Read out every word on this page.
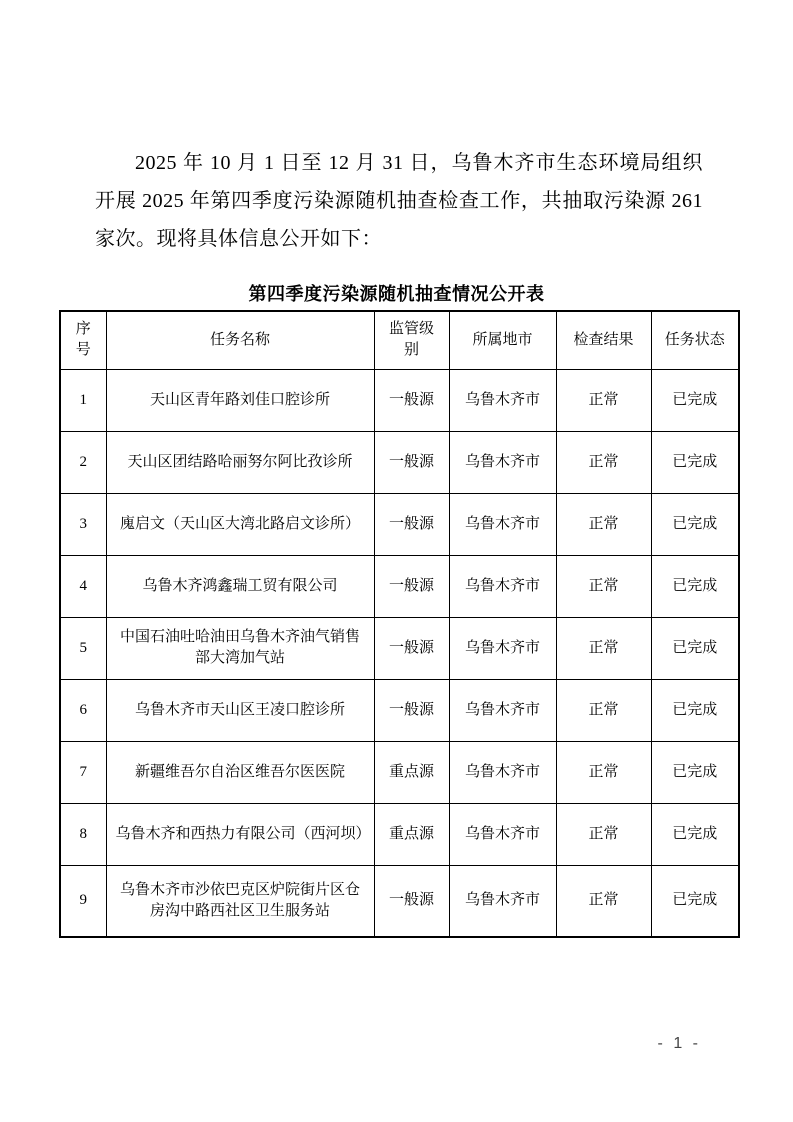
2025 年 10 月 1 日至 12 月 31 日，乌鲁木齐市生态环境局组织开展 2025 年第四季度污染源随机抽查检查工作，共抽取污染源 261 家次。现将具体信息公开如下：

第四季度污染源随机抽查情况公开表
序号	任务名称	监管级别	所属地市	检查结果	任务状态
1	天山区青年路刘佳口腔诊所	一般源	乌鲁木齐市	正常	已完成
2	天山区团结路哈丽努尔阿比孜诊所	一般源	乌鲁木齐市	正常	已完成
3	廆启文（天山区大湾北路启文诊所）	一般源	乌鲁木齐市	正常	已完成
4	乌鲁木齐鸿鑫瑞工贸有限公司	一般源	乌鲁木齐市	正常	已完成
5	中国石油吐哈油田乌鲁木齐油气销售部大湾加气站	一般源	乌鲁木齐市	正常	已完成
6	乌鲁木齐市天山区王凌口腔诊所	一般源	乌鲁木齐市	正常	已完成
7	新疆维吾尔自治区维吾尔医医院	重点源	乌鲁木齐市	正常	已完成
8	乌鲁木齐和西热力有限公司（西河坝）	重点源	乌鲁木齐市	正常	已完成
9	乌鲁木齐市沙依巴克区炉院街片区仓房沟中路西社区卫生服务站	一般源	乌鲁木齐市	正常	已完成
- 1 -
